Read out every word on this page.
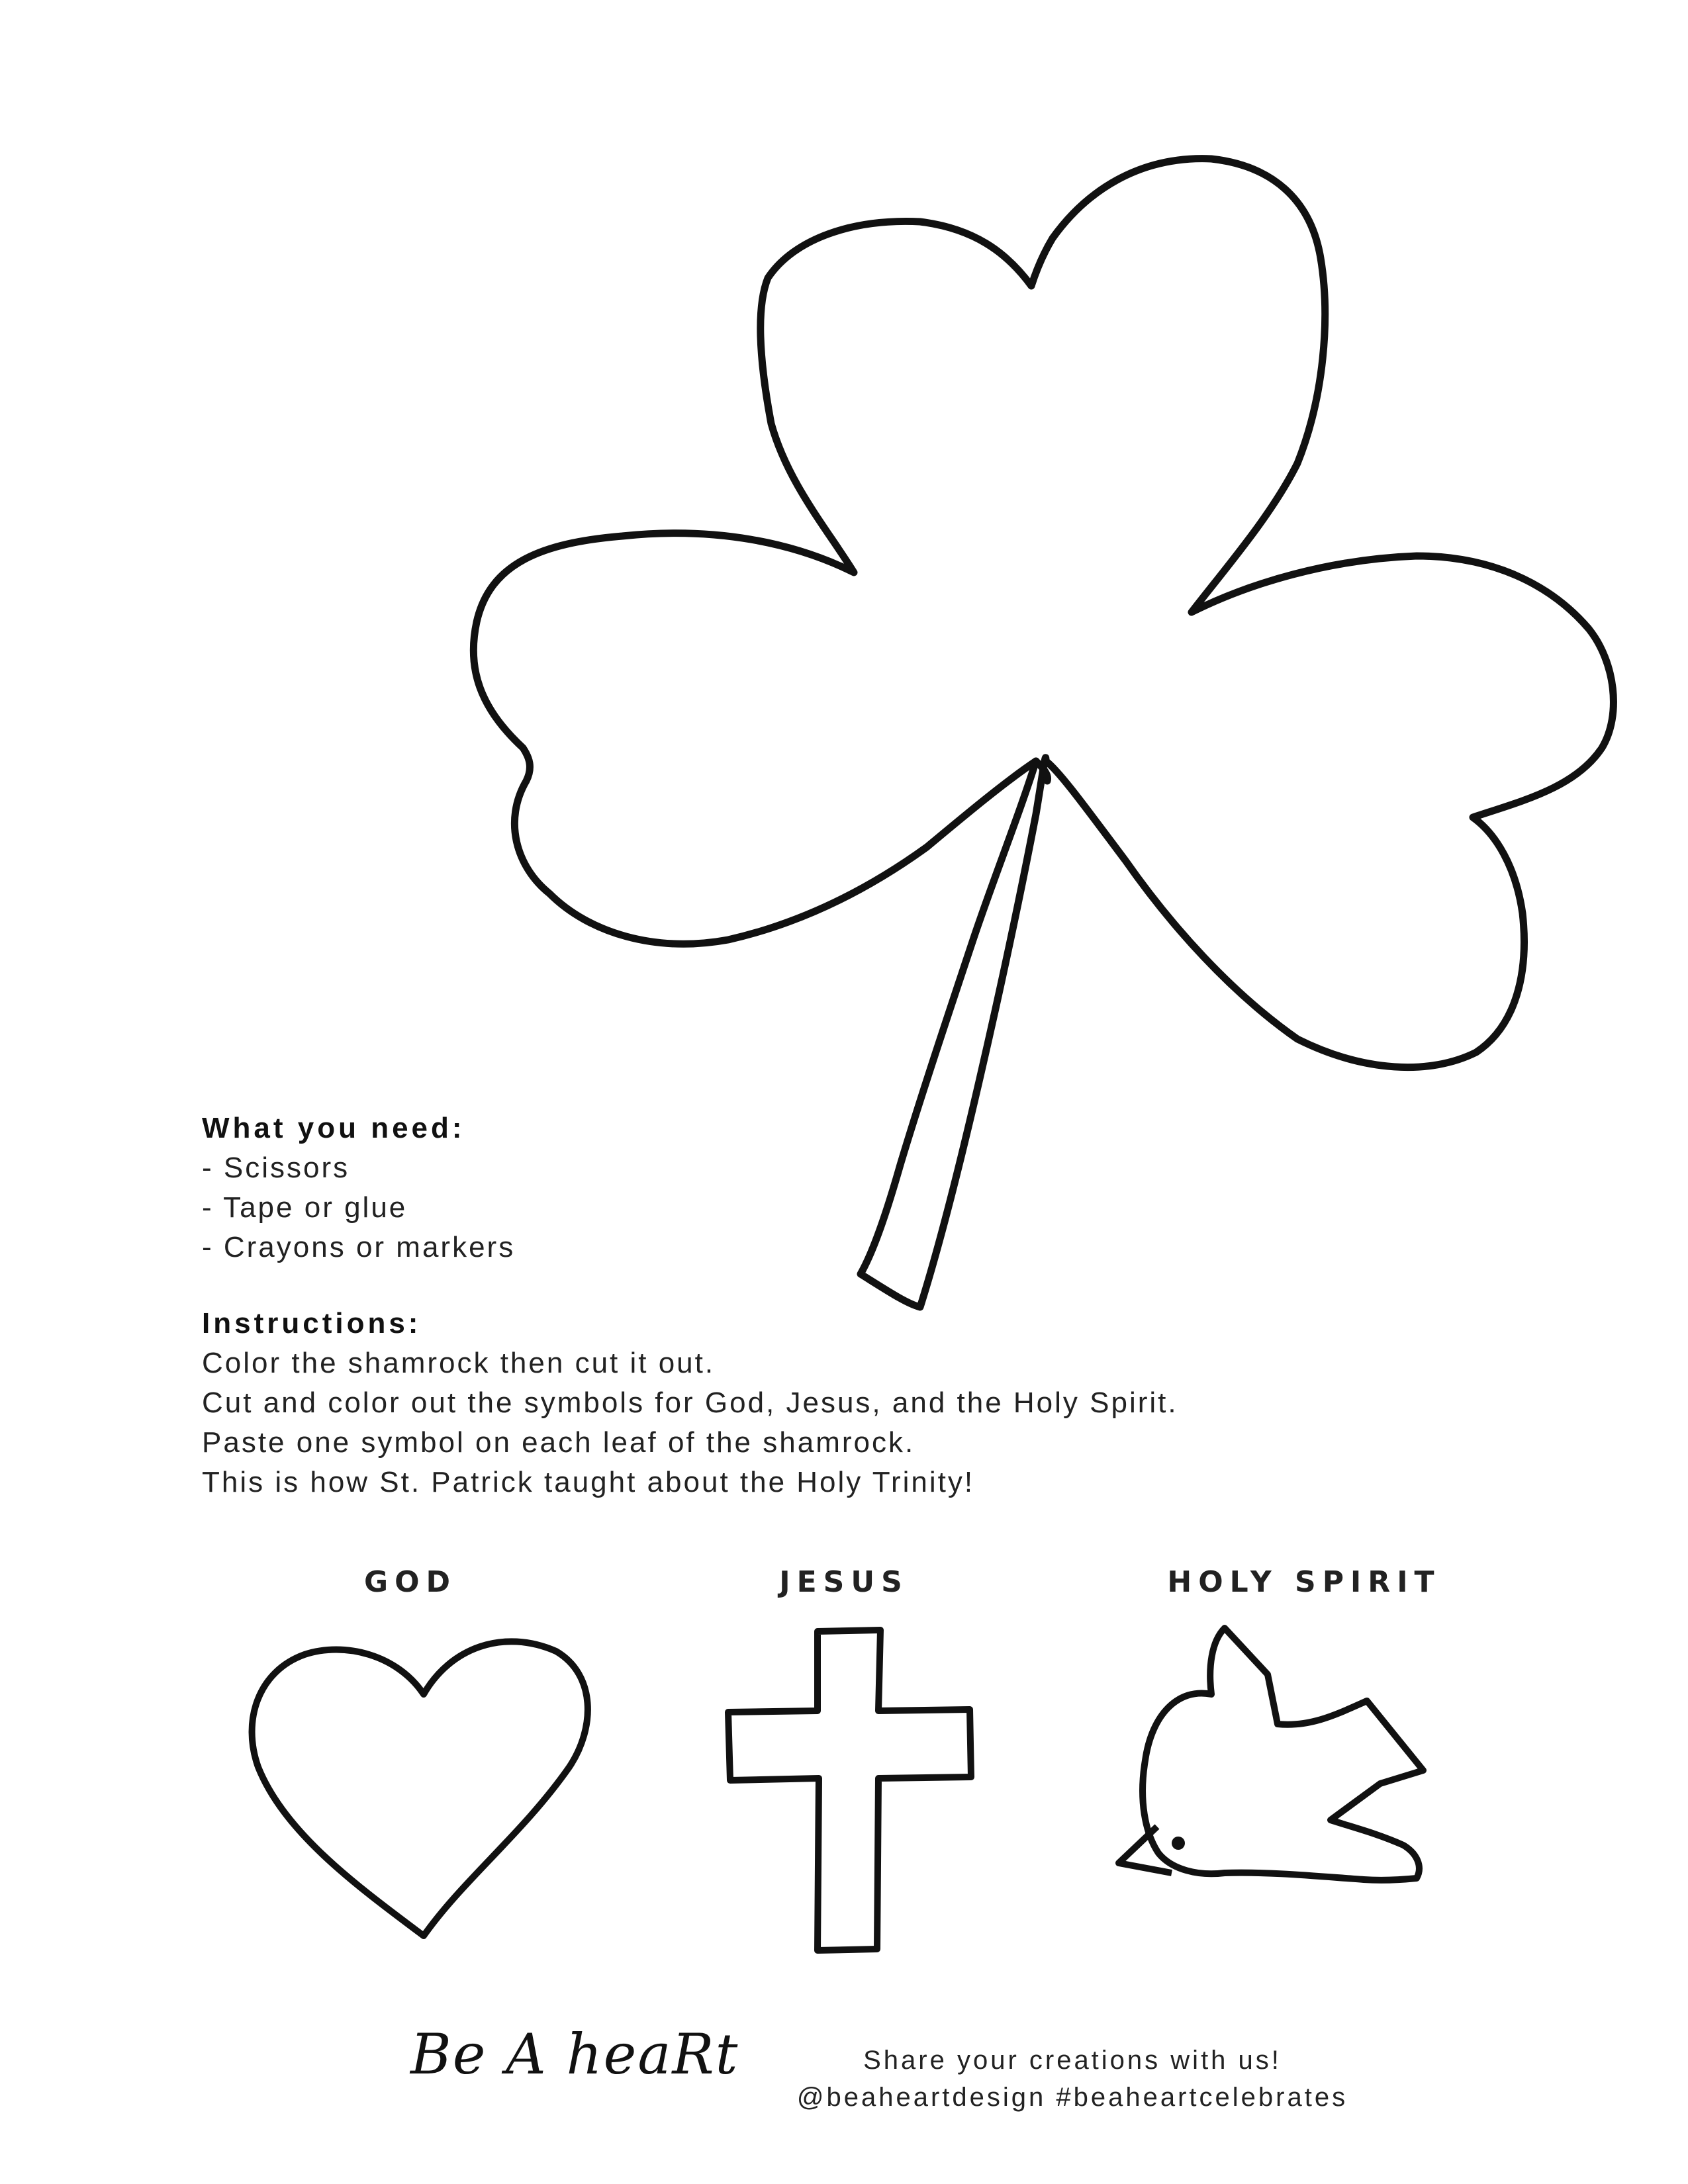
What you need:
- Scissors
- Tape or glue
- Crayons or markers
Instructions:
Color the shamrock then cut it out.
Cut and color out the symbols for God, Jesus, and the Holy Spirit.
Paste one symbol on each leaf of the shamrock.
This is how St. Patrick taught about the Holy Trinity!
GOD	JESUS	HOLY SPIRIT
Be A heaRt	Share your creations with us!
@beaheartdesign #beaheartcelebrates
